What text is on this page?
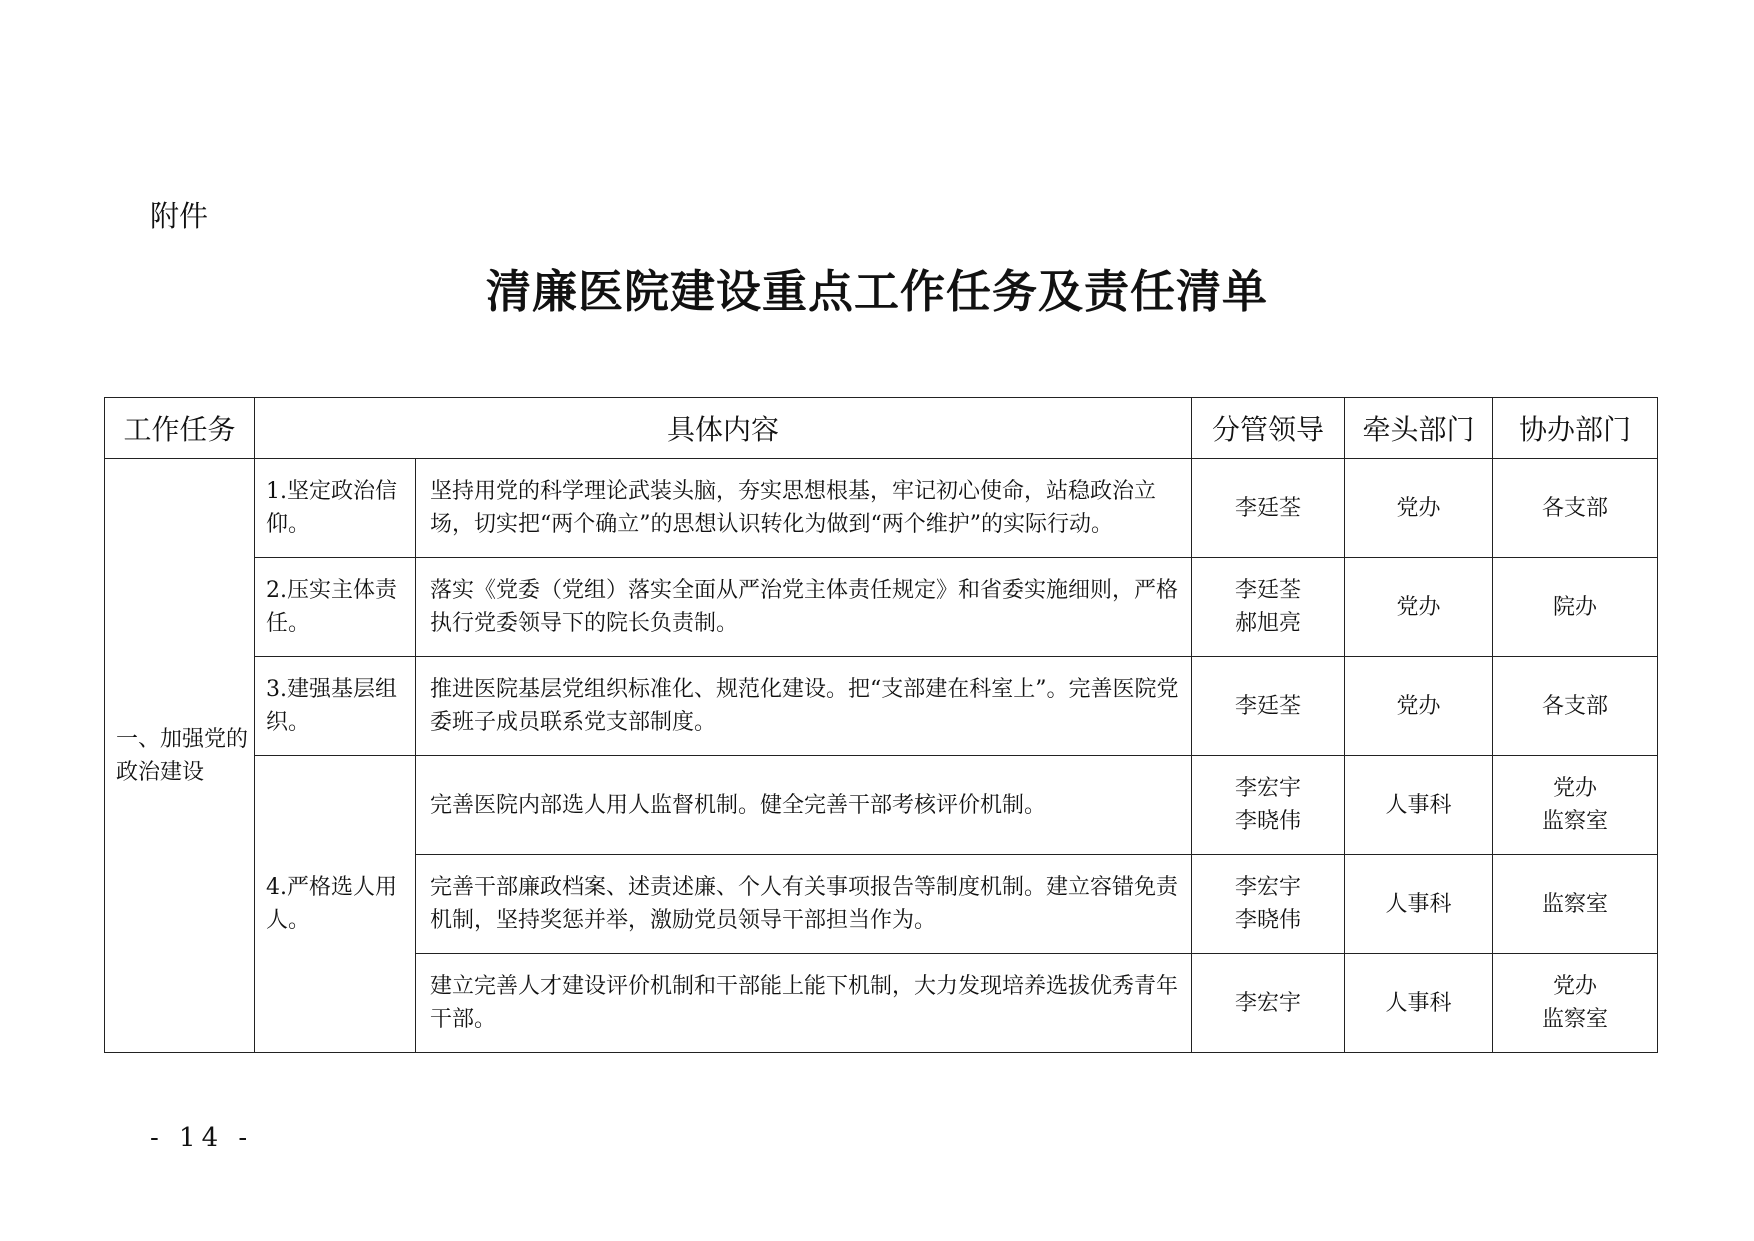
附件
清廉医院建设重点工作任务及责任清单
工作任务	具体内容		分管领导	牵头部门	协办部门
一、加强党的政治建设	1.坚定政治信仰。	坚持用党的科学理论武装头脑，夯实思想根基，牢记初心使命，站稳政治立场，切实把“两个确立”的思想认识转化为做到“两个维护”的实际行动。	李廷荃	党办	各支部

	2.压实主体责任。	落实《党委（党组）落实全面从严治党主体责任规定》和省委实施细则，严格执行党委领导下的院长负责制。	李廷荃
郝旭亮	党办	院办

	3.建强基层组织。	推进医院基层党组织标准化、规范化建设。把“支部建在科室上”。完善医院党委班子成员联系党支部制度。	李廷荃	党办	各支部

	4.严格选人用人。	完善医院内部选人用人监督机制。健全完善干部考核评价机制。	李宏宇
李晓伟	人事科	党办
监察室

		完善干部廉政档案、述责述廉、个人有关事项报告等制度机制。建立容错免责机制，坚持奖惩并举，激励党员领导干部担当作为。	李宏宇
李晓伟	人事科	监察室

		建立完善人才建设评价机制和干部能上能下机制，大力发现培养选拔优秀青年干部。	李宏宇	人事科	党办
监察室
- 14 -
